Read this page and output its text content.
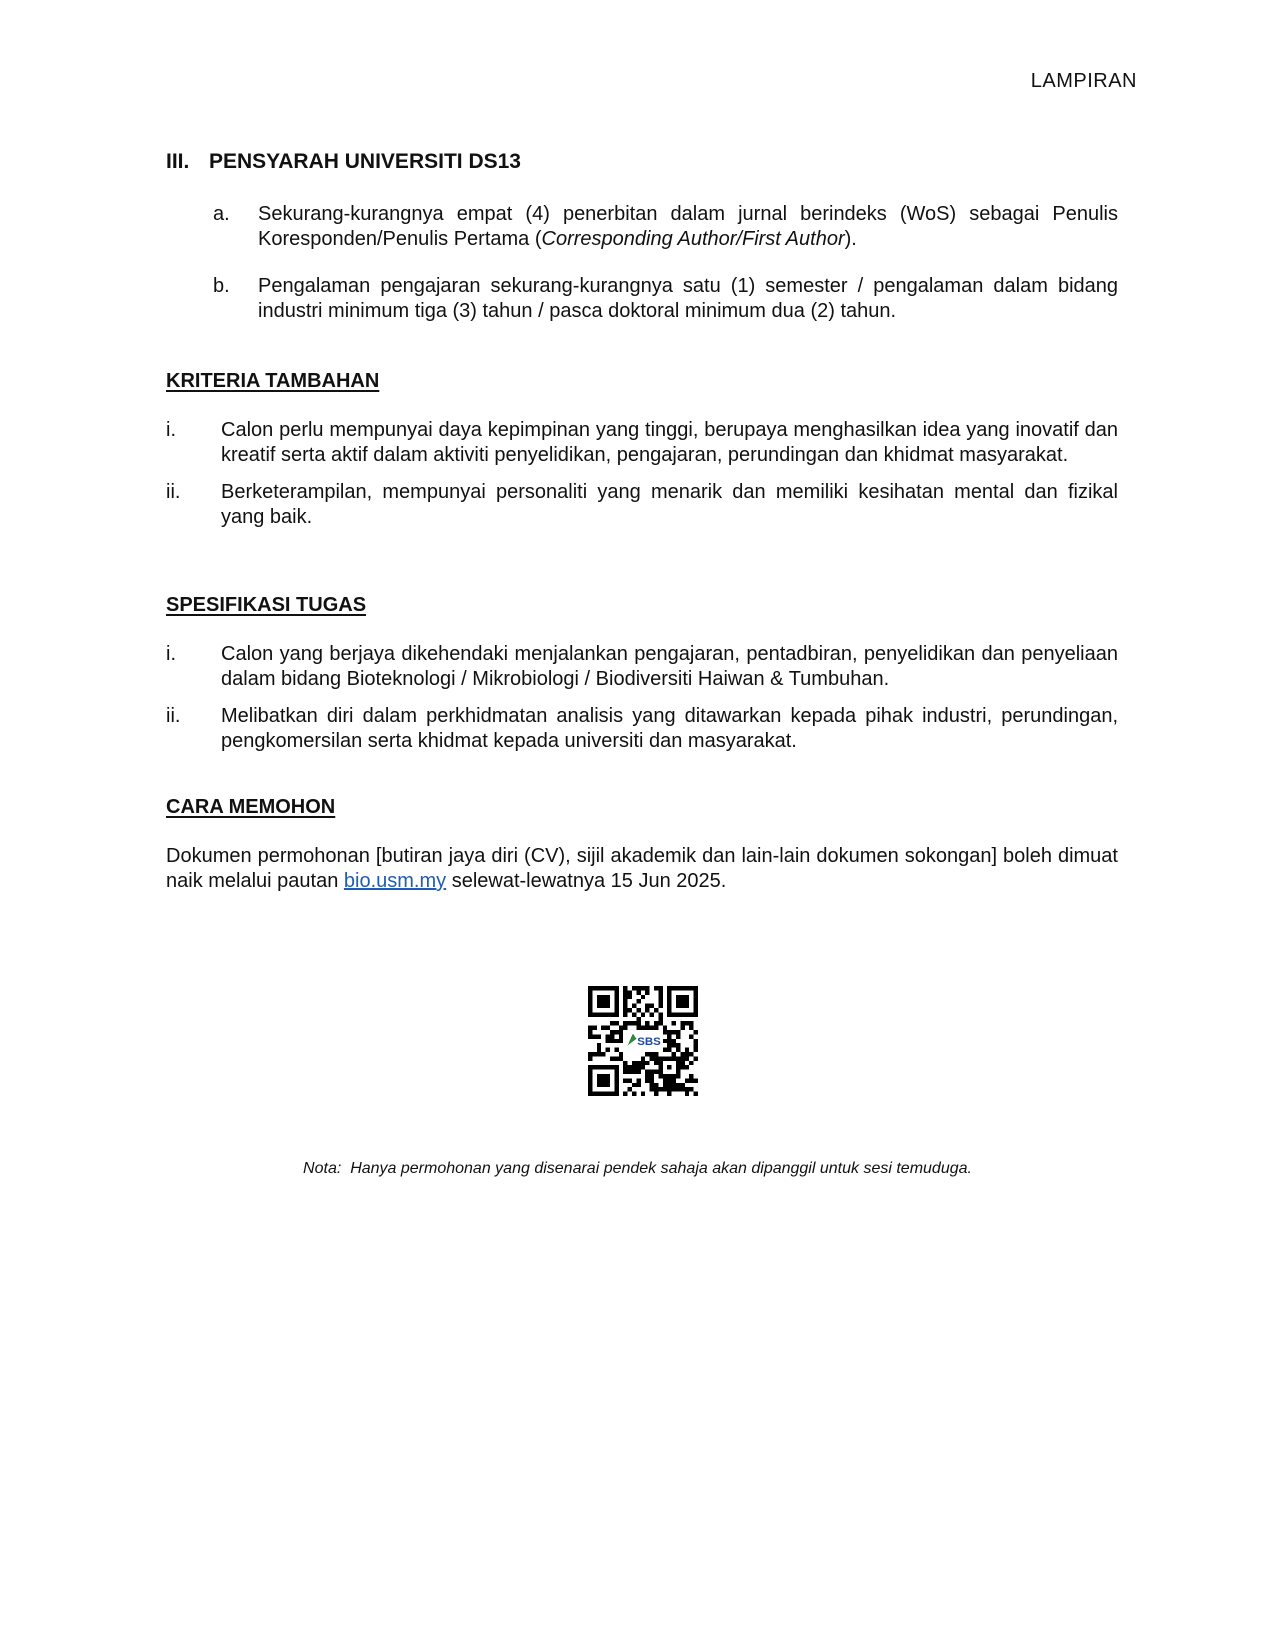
LAMPIRAN
III. PENSYARAH UNIVERSITI DS13
a.	Sekurang-kurangnya empat (4) penerbitan dalam jurnal berindeks (WoS) sebagai Penulis Koresponden/Penulis Pertama (Corresponding Author/First Author).
b.	Pengalaman pengajaran sekurang-kurangnya satu (1) semester / pengalaman dalam bidang industri minimum tiga (3) tahun / pasca doktoral minimum dua (2) tahun.
KRITERIA TAMBAHAN
i.	Calon perlu mempunyai daya kepimpinan yang tinggi, berupaya menghasilkan idea yang inovatif dan kreatif serta aktif dalam aktiviti penyelidikan, pengajaran, perundingan dan khidmat masyarakat.
ii.	Berketerampilan, mempunyai personaliti yang menarik dan memiliki kesihatan mental dan fizikal yang baik.
SPESIFIKASI TUGAS
i.	Calon yang berjaya dikehendaki menjalankan pengajaran, pentadbiran, penyelidikan dan penyeliaan dalam bidang Bioteknologi / Mikrobiologi / Biodiversiti Haiwan & Tumbuhan.
ii.	Melibatkan diri dalam perkhidmatan analisis yang ditawarkan kepada pihak industri, perundingan, pengkomersilan serta khidmat kepada universiti dan masyarakat.
CARA MEMOHON
Dokumen permohonan [butiran jaya diri (CV), sijil akademik dan lain-lain dokumen sokongan] boleh dimuat naik melalui pautan bio.usm.my selewat-lewatnya 15 Jun 2025.
SBS
Nota: Hanya permohonan yang disenarai pendek sahaja akan dipanggil untuk sesi temuduga.
